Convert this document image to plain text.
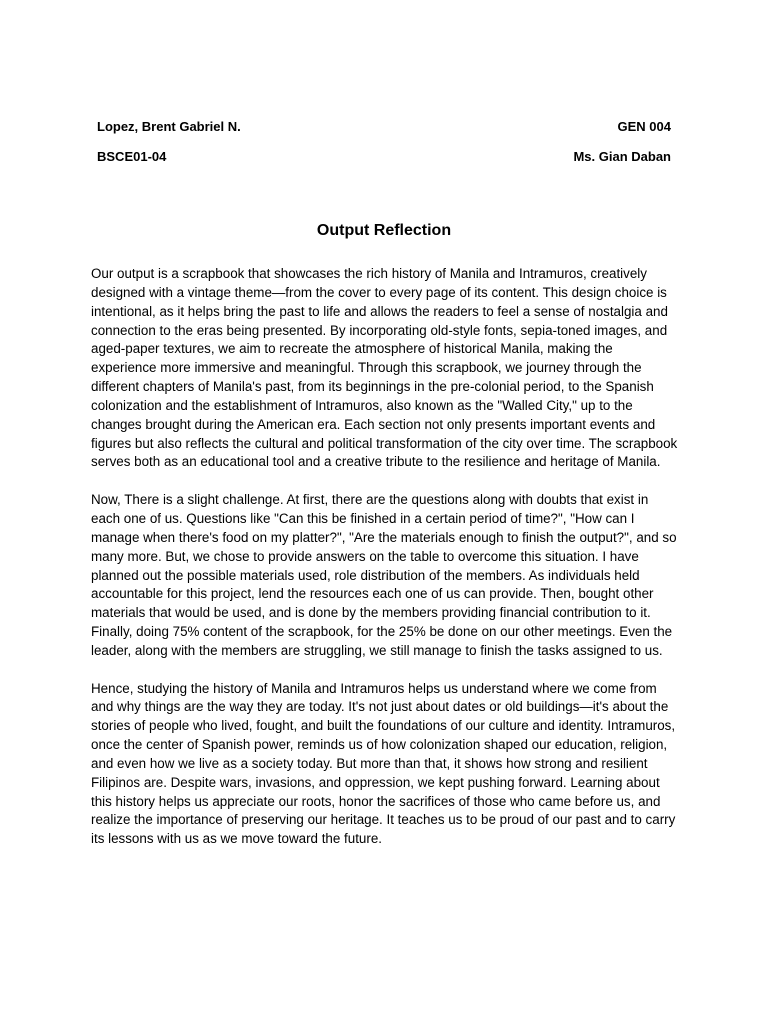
Lopez, Brent Gabriel N.	GEN 004
BSCE01-04	Ms. Gian Daban
Output Reflection

Our output is a scrapbook that showcases the rich history of Manila and Intramuros, creatively designed with a vintage theme—from the cover to every page of its content. This design choice is intentional, as it helps bring the past to life and allows the readers to feel a sense of nostalgia and connection to the eras being presented. By incorporating old-style fonts, sepia-toned images, and aged-paper textures, we aim to recreate the atmosphere of historical Manila, making the experience more immersive and meaningful. Through this scrapbook, we journey through the different chapters of Manila's past, from its beginnings in the pre-colonial period, to the Spanish colonization and the establishment of Intramuros, also known as the "Walled City," up to the changes brought during the American era. Each section not only presents important events and figures but also reflects the cultural and political transformation of the city over time. The scrapbook serves both as an educational tool and a creative tribute to the resilience and heritage of Manila.

Now, There is a slight challenge. At first, there are the questions along with doubts that exist in each one of us. Questions like "Can this be finished in a certain period of time?", "How can I manage when there's food on my platter?", "Are the materials enough to finish the output?", and so many more. But, we chose to provide answers on the table to overcome this situation. I have planned out the possible materials used, role distribution of the members. As individuals held accountable for this project, lend the resources each one of us can provide. Then, bought other materials that would be used, and is done by the members providing financial contribution to it. Finally, doing 75% content of the scrapbook, for the 25% be done on our other meetings. Even the leader, along with the members are struggling, we still manage to finish the tasks assigned to us.

Hence, studying the history of Manila and Intramuros helps us understand where we come from and why things are the way they are today. It's not just about dates or old buildings—it's about the stories of people who lived, fought, and built the foundations of our culture and identity. Intramuros, once the center of Spanish power, reminds us of how colonization shaped our education, religion, and even how we live as a society today. But more than that, it shows how strong and resilient Filipinos are. Despite wars, invasions, and oppression, we kept pushing forward. Learning about this history helps us appreciate our roots, honor the sacrifices of those who came before us, and realize the importance of preserving our heritage. It teaches us to be proud of our past and to carry its lessons with us as we move toward the future.
